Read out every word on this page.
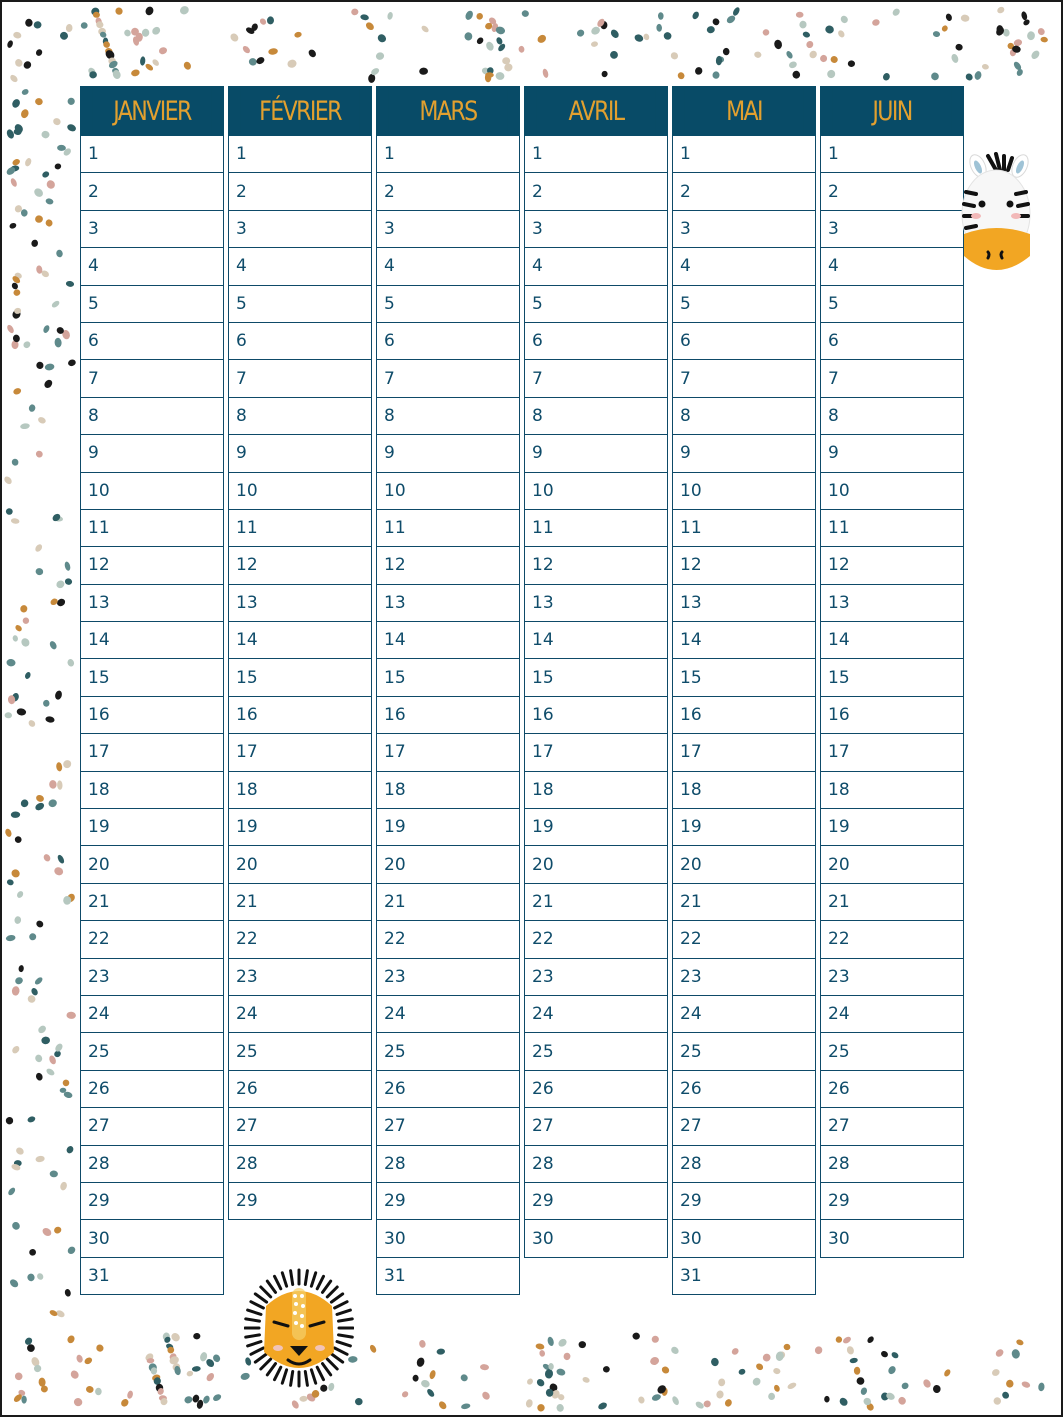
JANVIER
1
2
3
4
5
6
7
8
9
10
11
12
13
14
15
16
17
18
19
20
21
22
23
24
25
26
27
28
29
30
31
FÉVRIER
1
2
3
4
5
6
7
8
9
10
11
12
13
14
15
16
17
18
19
20
21
22
23
24
25
26
27
28
29
MARS
1
2
3
4
5
6
7
8
9
10
11
12
13
14
15
16
17
18
19
20
21
22
23
24
25
26
27
28
29
30
31
AVRIL
1
2
3
4
5
6
7
8
9
10
11
12
13
14
15
16
17
18
19
20
21
22
23
24
25
26
27
28
29
30
MAI
1
2
3
4
5
6
7
8
9
10
11
12
13
14
15
16
17
18
19
20
21
22
23
24
25
26
27
28
29
30
31
JUIN
1
2
3
4
5
6
7
8
9
10
11
12
13
14
15
16
17
18
19
20
21
22
23
24
25
26
27
28
29
30
